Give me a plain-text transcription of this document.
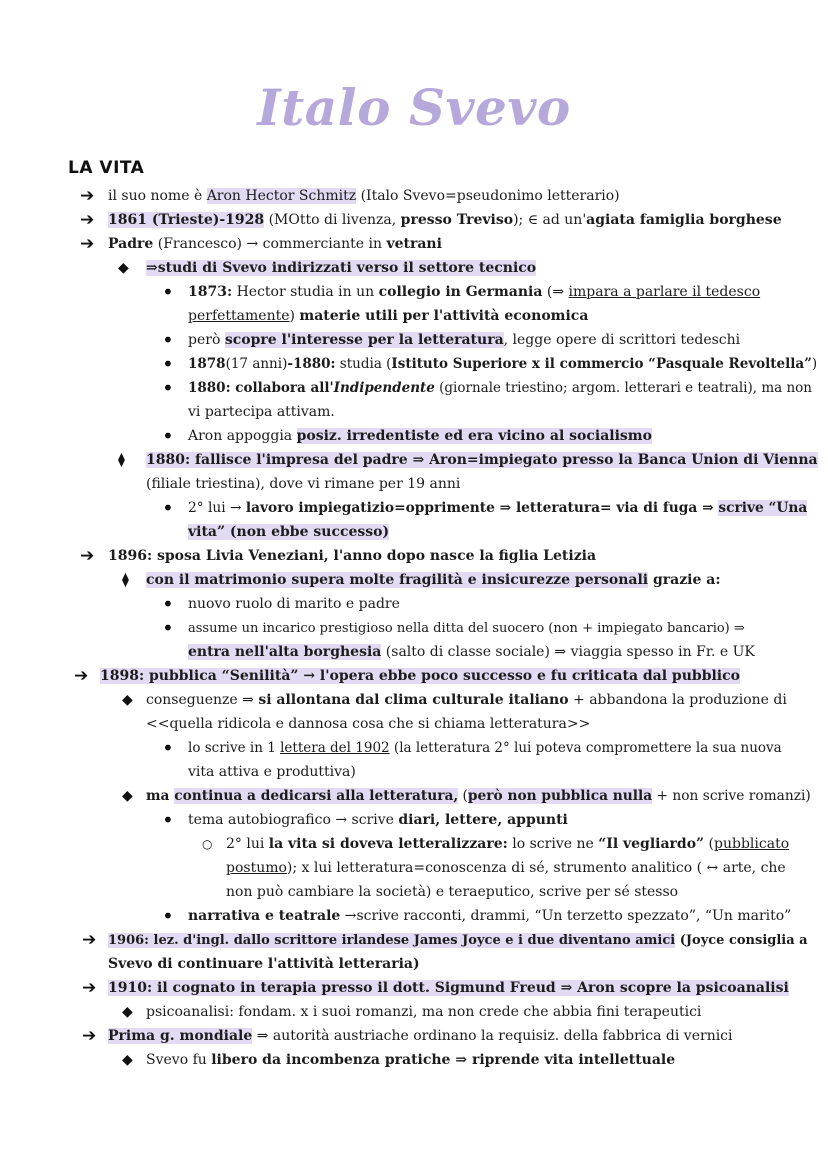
Italo Svevo
LA VITA
➔ il suo nome è Aron Hector Schmitz (Italo Svevo=pseudonimo letterario)
➔ 1861 (Trieste)-1928 (MOtto di livenza, presso Treviso); ∈ ad un'agiata famiglia borghese
➔ Padre (Francesco) → commerciante in vetrani
◆ ⇒studi di Svevo indirizzati verso il settore tecnico
• 1873: Hector studia in un collegio in Germania (⇒ impara a parlare il tedesco
perfettamente) materie utili per l'attività economica
• però scopre l'interesse per la letteratura, legge opere di scrittori tedeschi
• 1878(17 anni)-1880: studia (Istituto Superiore x il commercio “Pasquale Revoltella”)
• 1880: collabora all'Indipendente (giornale triestino; argom. letterari e teatrali), ma non
vi partecipa attivam.
• Aron appoggia posiz. irredentiste ed era vicino al socialismo
⧫ 1880: fallisce l'impresa del padre ⇒ Aron=impiegato presso la Banca Union di Vienna
(filiale triestina), dove vi rimane per 19 anni
• 2° lui → lavoro impiegatizio=opprimente ⇒ letteratura= via di fuga ⇒ scrive “Una
vita” (non ebbe successo)
➔ 1896: sposa Livia Veneziani, l'anno dopo nasce la figlia Letizia
⧫ con il matrimonio supera molte fragilità e insicurezze personali grazie a:
• nuovo ruolo di marito e padre
• assume un incarico prestigioso nella ditta del suocero (non + impiegato bancario) ⇒
entra nell'alta borghesia (salto di classe sociale) ⇒ viaggia spesso in Fr. e UK
➔ 1898: pubblica “Senilità” → l'opera ebbe poco successo e fu criticata dal pubblico
◆ conseguenze ⇒ si allontana dal clima culturale italiano + abbandona la produzione di
<<quella ridicola e dannosa cosa che si chiama letteratura>>
• lo scrive in 1 lettera del 1902 (la letteratura 2° lui poteva compromettere la sua nuova
vita attiva e produttiva)
◆ ma continua a dedicarsi alla letteratura, (però non pubblica nulla + non scrive romanzi)
• tema autobiografico → scrive diari, lettere, appunti
○ 2° lui la vita si doveva letteralizzare: lo scrive ne “Il vegliardo” (pubblicato
postumo); x lui letteratura=conoscenza di sé, strumento analitico ( ↔ arte, che
non può cambiare la società) e teraeputico, scrive per sé stesso
• narrativa e teatrale →scrive racconti, drammi, “Un terzetto spezzato”, “Un marito”
➔ 1906: lez. d'ingl. dallo scrittore irlandese James Joyce e i due diventano amici (Joyce consiglia a
Svevo di continuare l'attività letteraria)
➔ 1910: il cognato in terapia presso il dott. Sigmund Freud ⇒ Aron scopre la psicoanalisi
◆ psicoanalisi: fondam. x i suoi romanzi, ma non crede che abbia fini terapeutici
➔ Prima g. mondiale ⇒ autorità austriache ordinano la requisiz. della fabbrica di vernici
◆ Svevo fu libero da incombenza pratiche ⇒ riprende vita intellettuale
